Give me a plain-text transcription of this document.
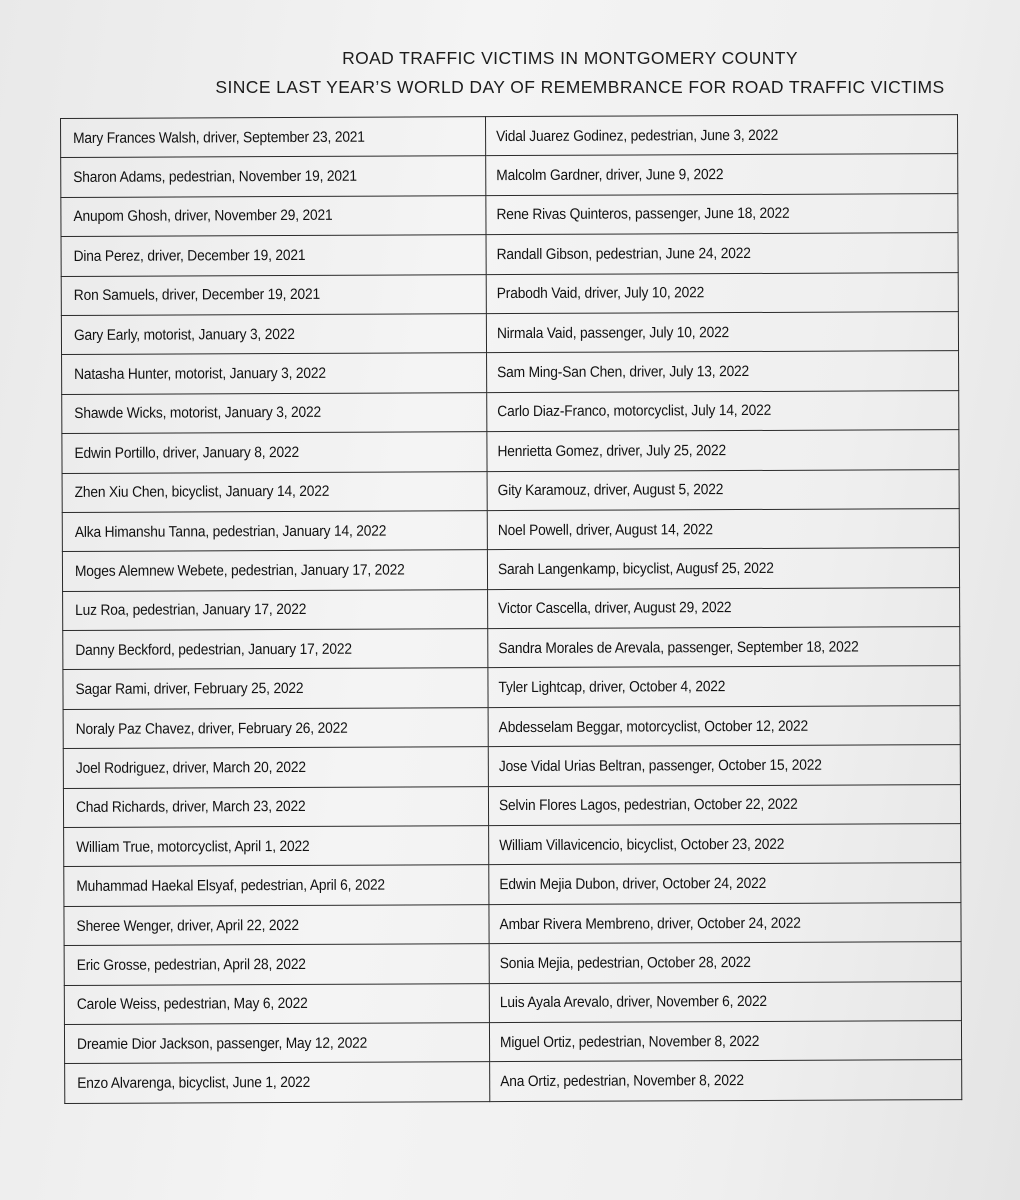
ROAD TRAFFIC VICTIMS IN MONTGOMERY COUNTY
SINCE LAST YEAR’S WORLD DAY OF REMEMBRANCE FOR ROAD TRAFFIC VICTIMS
Mary Frances Walsh, driver, September 23, 2021	Vidal Juarez Godinez, pedestrian, June 3, 2022
Sharon Adams, pedestrian, November 19, 2021	Malcolm Gardner, driver, June 9, 2022
Anupom Ghosh, driver, November 29, 2021	Rene Rivas Quinteros, passenger, June 18, 2022
Dina Perez, driver, December 19, 2021	Randall Gibson, pedestrian, June 24, 2022
Ron Samuels, driver, December 19, 2021	Prabodh Vaid, driver, July 10, 2022
Gary Early, motorist, January 3, 2022	Nirmala Vaid, passenger, July 10, 2022
Natasha Hunter, motorist, January 3, 2022	Sam Ming-San Chen, driver, July 13, 2022
Shawde Wicks, motorist, January 3, 2022	Carlo Diaz-Franco, motorcyclist, July 14, 2022
Edwin Portillo, driver, January 8, 2022	Henrietta Gomez, driver, July 25, 2022
Zhen Xiu Chen, bicyclist, January 14, 2022	Gity Karamouz, driver, August 5, 2022
Alka Himanshu Tanna, pedestrian, January 14, 2022	Noel Powell, driver, August 14, 2022
Moges Alemnew Webete, pedestrian, January 17, 2022	Sarah Langenkamp, bicyclist, Augusf 25, 2022
Luz Roa, pedestrian, January 17, 2022	Victor Cascella, driver, August 29, 2022
Danny Beckford, pedestrian, January 17, 2022	Sandra Morales de Arevala, passenger, September 18, 2022
Sagar Rami, driver, February 25, 2022	Tyler Lightcap, driver, October 4, 2022
Noraly Paz Chavez, driver, February 26, 2022	Abdesselam Beggar, motorcyclist, October 12, 2022
Joel Rodriguez, driver, March 20, 2022	Jose Vidal Urias Beltran, passenger, October 15, 2022
Chad Richards, driver, March 23, 2022	Selvin Flores Lagos, pedestrian, October 22, 2022
William True, motorcyclist, April 1, 2022	William Villavicencio, bicyclist, October 23, 2022
Muhammad Haekal Elsyaf, pedestrian, April 6, 2022	Edwin Mejia Dubon, driver, October 24, 2022
Sheree Wenger, driver, April 22, 2022	Ambar Rivera Membreno, driver, October 24, 2022
Eric Grosse, pedestrian, April 28, 2022	Sonia Mejia, pedestrian, October 28, 2022
Carole Weiss, pedestrian, May 6, 2022	Luis Ayala Arevalo, driver, November 6, 2022
Dreamie Dior Jackson, passenger, May 12, 2022	Miguel Ortiz, pedestrian, November 8, 2022
Enzo Alvarenga, bicyclist, June 1, 2022	Ana Ortiz, pedestrian, November 8, 2022
